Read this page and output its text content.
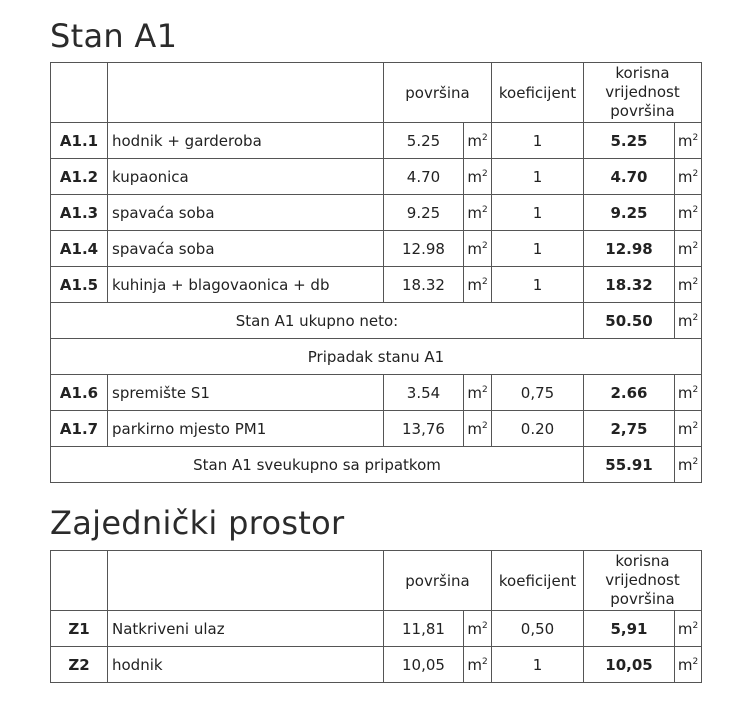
Stan A1
		površina		koeficijent	korisna vrijednost površina	
A1.1	hodnik + garderoba	5.25	$m^2$	1	5.25	$m^2$
A1.2	kupaonica	4.70	$m^2$	1	4.70	$m^2$
A1.3	spavaća soba	9.25	$m^2$	1	9.25	$m^2$
A1.4	spavaća soba	12.98	$m^2$	1	12.98	$m^2$
A1.5	kuhinja + blagovaonica + db	18.32	$m^2$	1	18.32	$m^2$
Stan A1 ukupno neto:					50.50	$m^2$
Pripadak stanu A1						
A1.6	spremište S1	3.54	$m^2$	0,75	2.66	$m^2$
A1.7	parkirno mjesto PM1	13,76	$m^2$	0.20	2,75	$m^2$
Stan A1 sveukupno sa pripatkom					55.91	$m^2$
Zajednički prostor
		površina		koeficijent	korisna vrijednost površina	
Z1	Natkriveni ulaz	11,81	$m^2$	0,50	5,91	$m^2$
Z2	hodnik	10,05	$m^2$	1	10,05	$m^2$
